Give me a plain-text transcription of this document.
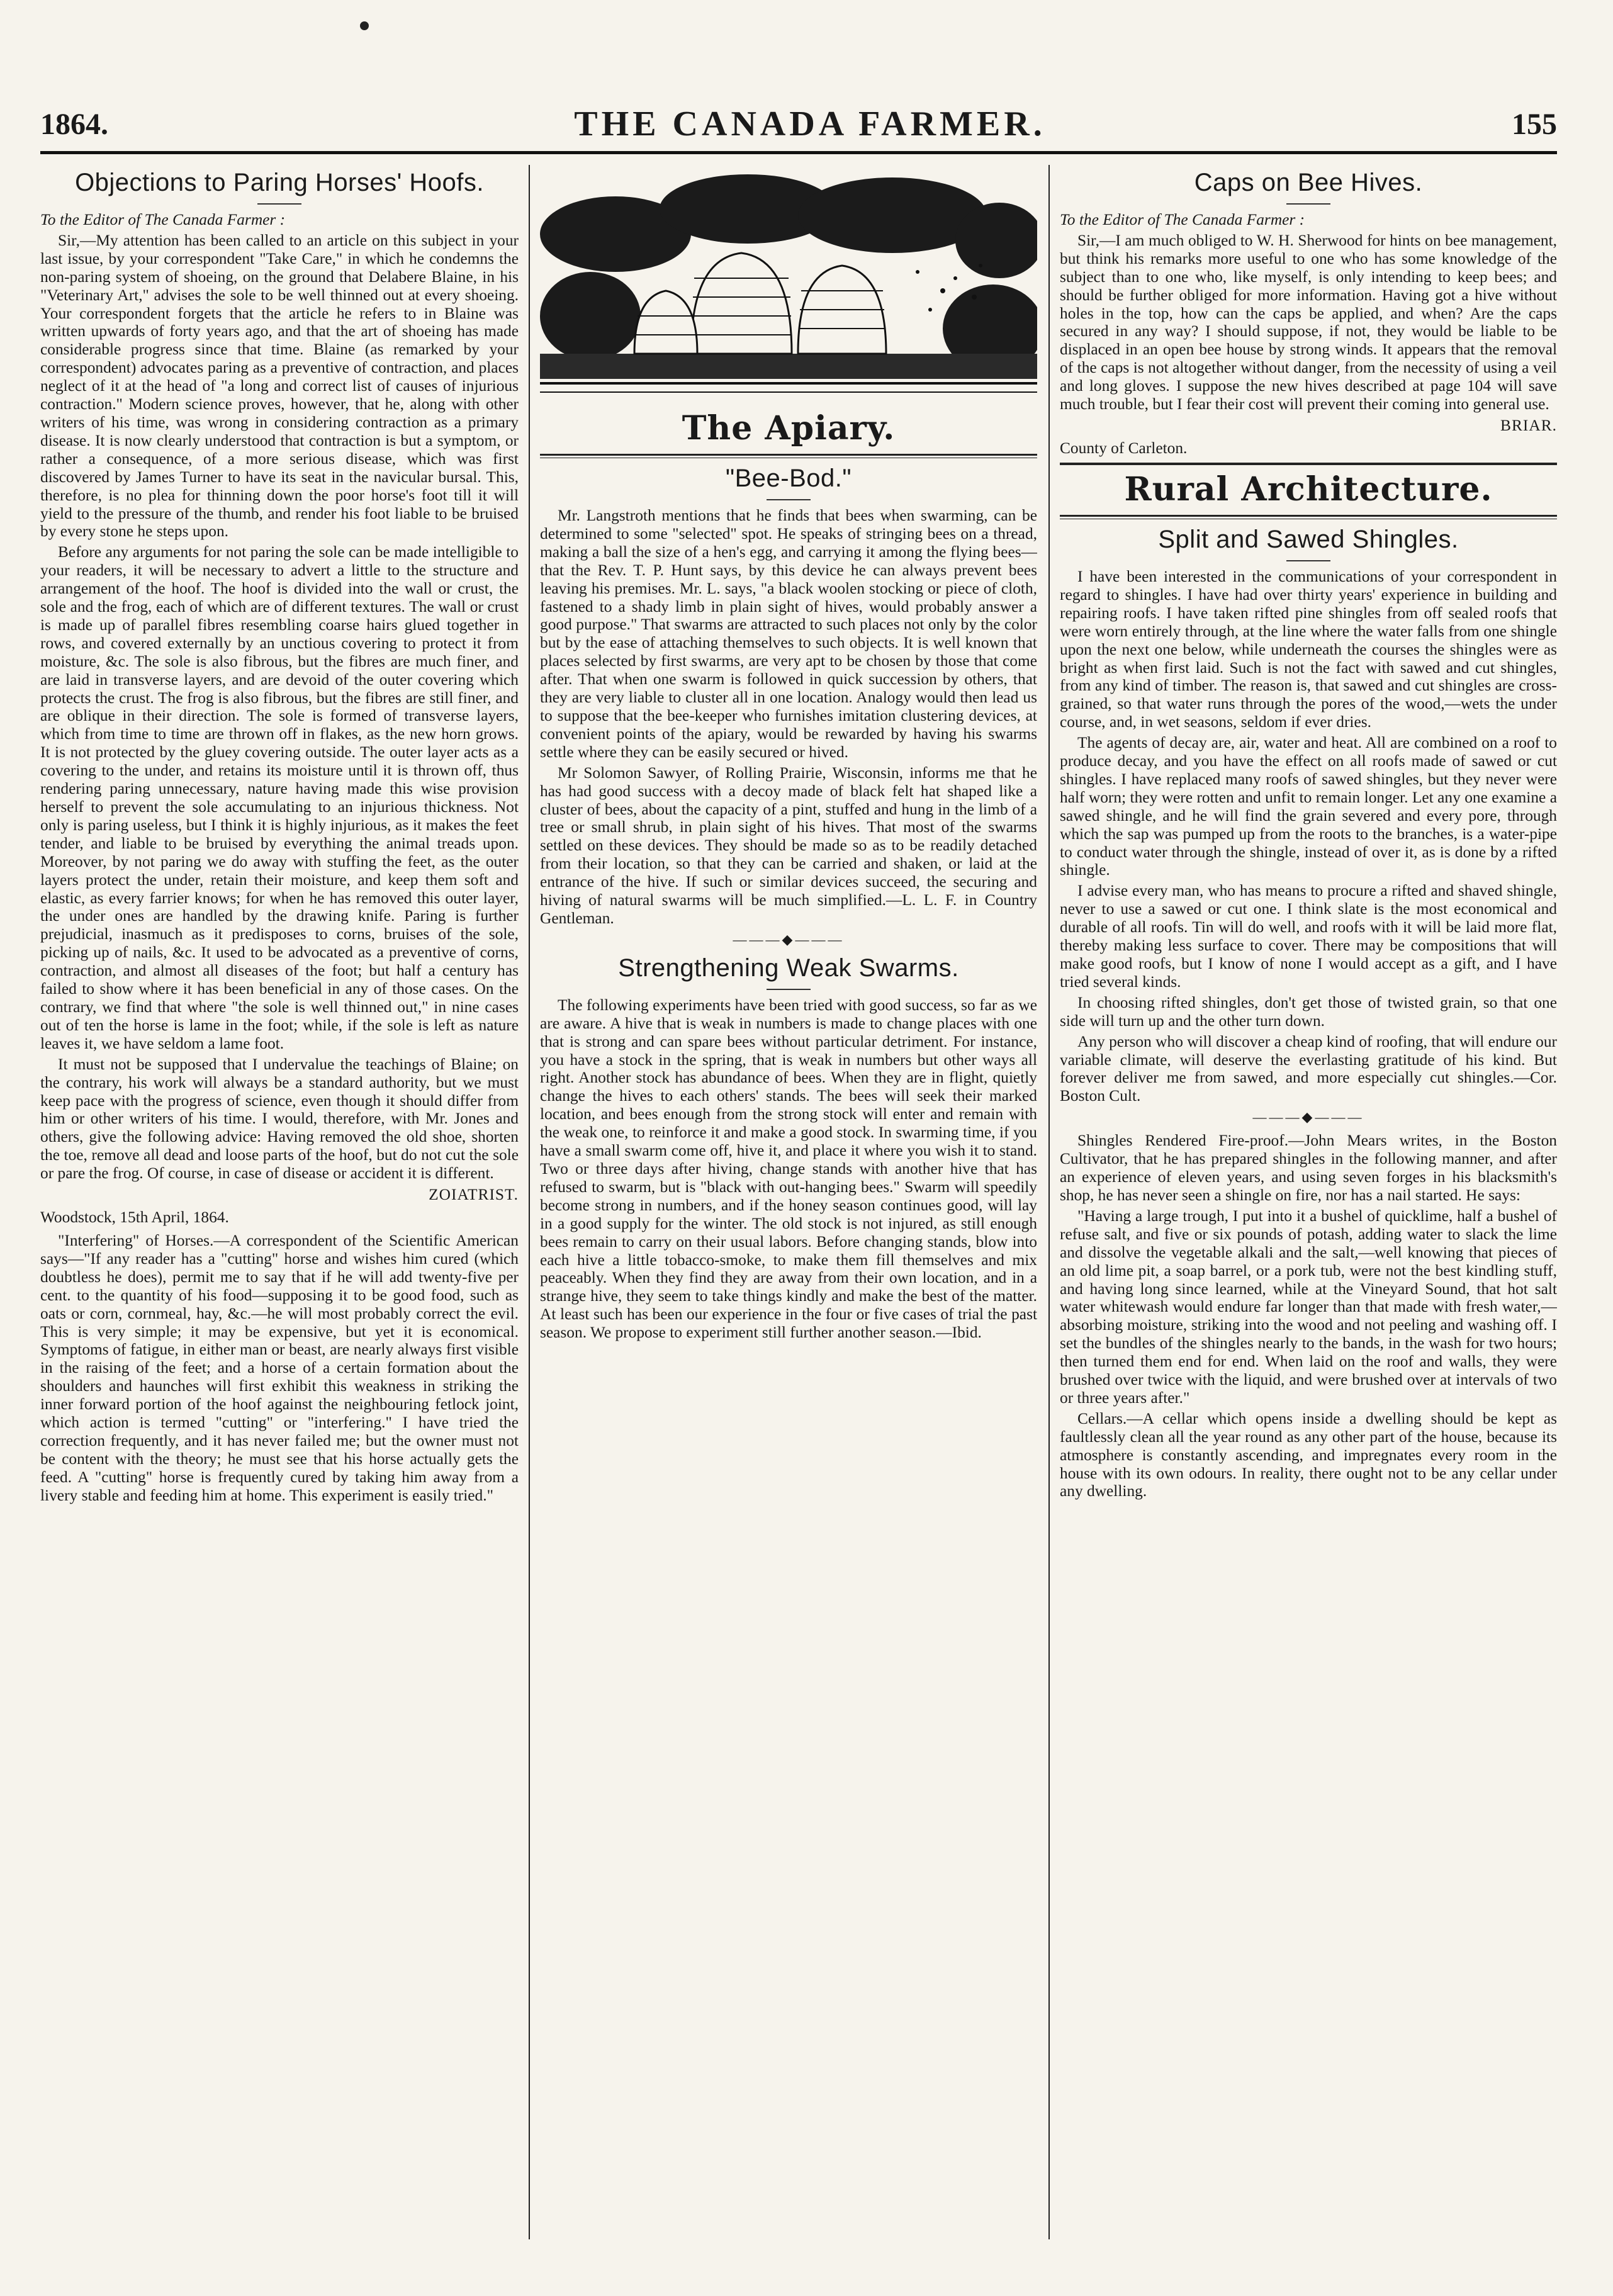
1864.	THE CANADA FARMER.	155
Objections to Paring Horses' Hoofs.

To the Editor of The Canada Farmer :

Sir,—My attention has been called to an article on this subject in your last issue, by your correspondent "Take Care," in which he condemns the non-paring system of shoeing, on the ground that Delabere Blaine, in his "Veterinary Art," advises the sole to be well thinned out at every shoeing. Your correspondent forgets that the article he refers to in Blaine was written upwards of forty years ago, and that the art of shoeing has made considerable progress since that time. Blaine (as remarked by your correspondent) advocates paring as a preventive of contraction, and places neglect of it at the head of "a long and correct list of causes of injurious contraction." Modern science proves, however, that he, along with other writers of his time, was wrong in considering contraction as a primary disease. It is now clearly understood that contraction is but a symptom, or rather a consequence, of a more serious disease, which was first discovered by James Turner to have its seat in the navicular bursal. This, therefore, is no plea for thinning down the poor horse's foot till it will yield to the pressure of the thumb, and render his foot liable to be bruised by every stone he steps upon.

Before any arguments for not paring the sole can be made intelligible to your readers, it will be necessary to advert a little to the structure and arrangement of the hoof. The hoof is divided into the wall or crust, the sole and the frog, each of which are of different textures. The wall or crust is made up of parallel fibres resembling coarse hairs glued together in rows, and covered externally by an unctious covering to protect it from moisture, &c. The sole is also fibrous, but the fibres are much finer, and are laid in transverse layers, and are devoid of the outer covering which protects the crust. The frog is also fibrous, but the fibres are still finer, and are oblique in their direction. The sole is formed of transverse layers, which from time to time are thrown off in flakes, as the new horn grows. It is not protected by the gluey covering outside. The outer layer acts as a covering to the under, and retains its moisture until it is thrown off, thus rendering paring unnecessary, nature having made this wise provision herself to prevent the sole accumulating to an injurious thickness. Not only is paring useless, but I think it is highly injurious, as it makes the feet tender, and liable to be bruised by everything the animal treads upon. Moreover, by not paring we do away with stuffing the feet, as the outer layers protect the under, retain their moisture, and keep them soft and elastic, as every farrier knows; for when he has removed this outer layer, the under ones are handled by the drawing knife. Paring is further prejudicial, inasmuch as it predisposes to corns, bruises of the sole, picking up of nails, &c. It used to be advocated as a preventive of corns, contraction, and almost all diseases of the foot; but half a century has failed to show where it has been beneficial in any of those cases. On the contrary, we find that where "the sole is well thinned out," in nine cases out of ten the horse is lame in the foot; while, if the sole is left as nature leaves it, we have seldom a lame foot.

It must not be supposed that I undervalue the teachings of Blaine; on the contrary, his work will always be a standard authority, but we must keep pace with the progress of science, even though it should differ from him or other writers of his time. I would, therefore, with Mr. Jones and others, give the following advice: Having removed the old shoe, shorten the toe, remove all dead and loose parts of the hoof, but do not cut the sole or pare the frog. Of course, in case of disease or accident it is different.

ZOIATRIST.

Woodstock, 15th April, 1864.

"Interfering" of Horses.—A correspondent of the Scientific American says—"If any reader has a "cutting" horse and wishes him cured (which doubtless he does), permit me to say that if he will add twenty-five per cent. to the quantity of his food—supposing it to be good food, such as oats or corn, cornmeal, hay, &c.—he will most probably correct the evil. This is very simple; it may be expensive, but yet it is economical. Symptoms of fatigue, in either man or beast, are nearly always first visible in the raising of the feet; and a horse of a certain formation about the shoulders and haunches will first exhibit this weakness in striking the inner forward portion of the hoof against the neighbouring fetlock joint, which action is termed "cutting" or "interfering." I have tried the correction frequently, and it has never failed me; but the owner must not be content with the theory; he must see that his horse actually gets the feed. A "cutting" horse is frequently cured by taking him away from a livery stable and feeding him at home. This experiment is easily tried."

The Apiary.
"Bee-Bod."

Mr. Langstroth mentions that he finds that bees when swarming, can be determined to some "selected" spot. He speaks of stringing bees on a thread, making a ball the size of a hen's egg, and carrying it among the flying bees—that the Rev. T. P. Hunt says, by this device he can always prevent bees leaving his premises. Mr. L. says, "a black woolen stocking or piece of cloth, fastened to a shady limb in plain sight of hives, would probably answer a good purpose." That swarms are attracted to such places not only by the color but by the ease of attaching themselves to such objects. It is well known that places selected by first swarms, are very apt to be chosen by those that come after. That when one swarm is followed in quick succession by others, that they are very liable to cluster all in one location. Analogy would then lead us to suppose that the bee-keeper who furnishes imitation clustering devices, at convenient points of the apiary, would be rewarded by having his swarms settle where they can be easily secured or hived.

Mr Solomon Sawyer, of Rolling Prairie, Wisconsin, informs me that he has had good success with a decoy made of black felt hat shaped like a cluster of bees, about the capacity of a pint, stuffed and hung in the limb of a tree or small shrub, in plain sight of his hives. That most of the swarms settled on these devices. They should be made so as to be readily detached from their location, so that they can be carried and shaken, or laid at the entrance of the hive. If such or similar devices succeed, the securing and hiving of natural swarms will be much simplified.—L. L. F. in Country Gentleman.

———◆———
Strengthening Weak Swarms.

The following experiments have been tried with good success, so far as we are aware. A hive that is weak in numbers is made to change places with one that is strong and can spare bees without particular detriment. For instance, you have a stock in the spring, that is weak in numbers but other ways all right. Another stock has abundance of bees. When they are in flight, quietly change the hives to each others' stands. The bees will seek their marked location, and bees enough from the strong stock will enter and remain with the weak one, to reinforce it and make a good stock. In swarming time, if you have a small swarm come off, hive it, and place it where you wish it to stand. Two or three days after hiving, change stands with another hive that has refused to swarm, but is "black with out-hanging bees." Swarm will speedily become strong in numbers, and if the honey season continues good, will lay in a good supply for the winter. The old stock is not injured, as still enough bees remain to carry on their usual labors. Before changing stands, blow into each hive a little tobacco-smoke, to make them fill themselves and mix peaceably. When they find they are away from their own location, and in a strange hive, they seem to take things kindly and make the best of the matter. At least such has been our experience in the four or five cases of trial the past season. We propose to experiment still further another season.—Ibid.

Caps on Bee Hives.

To the Editor of The Canada Farmer :

Sir,—I am much obliged to W. H. Sherwood for hints on bee management, but think his remarks more useful to one who has some knowledge of the subject than to one who, like myself, is only intending to keep bees; and should be further obliged for more information. Having got a hive without holes in the top, how can the caps be applied, and when? Are the caps secured in any way? I should suppose, if not, they would be liable to be displaced in an open bee house by strong winds. It appears that the removal of the caps is not altogether without danger, from the necessity of using a veil and long gloves. I suppose the new hives described at page 104 will save much trouble, but I fear their cost will prevent their coming into general use.

BRIAR.

County of Carleton.

Rural Architecture.
Split and Sawed Shingles.

I have been interested in the communications of your correspondent in regard to shingles. I have had over thirty years' experience in building and repairing roofs. I have taken rifted pine shingles from off sealed roofs that were worn entirely through, at the line where the water falls from one shingle upon the next one below, while underneath the courses the shingles were as bright as when first laid. Such is not the fact with sawed and cut shingles, from any kind of timber. The reason is, that sawed and cut shingles are cross-grained, so that water runs through the pores of the wood,—wets the under course, and, in wet seasons, seldom if ever dries.

The agents of decay are, air, water and heat. All are combined on a roof to produce decay, and you have the effect on all roofs made of sawed or cut shingles. I have replaced many roofs of sawed shingles, but they never were half worn; they were rotten and unfit to remain longer. Let any one examine a sawed shingle, and he will find the grain severed and every pore, through which the sap was pumped up from the roots to the branches, is a water-pipe to conduct water through the shingle, instead of over it, as is done by a rifted shingle.

I advise every man, who has means to procure a rifted and shaved shingle, never to use a sawed or cut one. I think slate is the most economical and durable of all roofs. Tin will do well, and roofs with it will be laid more flat, thereby making less surface to cover. There may be compositions that will make good roofs, but I know of none I would accept as a gift, and I have tried several kinds.

In choosing rifted shingles, don't get those of twisted grain, so that one side will turn up and the other turn down.

Any person who will discover a cheap kind of roofing, that will endure our variable climate, will deserve the everlasting gratitude of his kind. But forever deliver me from sawed, and more especially cut shingles.—Cor. Boston Cult.

———◆———

Shingles Rendered Fire-proof.—John Mears writes, in the Boston Cultivator, that he has prepared shingles in the following manner, and after an experience of eleven years, and using seven forges in his blacksmith's shop, he has never seen a shingle on fire, nor has a nail started. He says:

"Having a large trough, I put into it a bushel of quicklime, half a bushel of refuse salt, and five or six pounds of potash, adding water to slack the lime and dissolve the vegetable alkali and the salt,—well knowing that pieces of an old lime pit, a soap barrel, or a pork tub, were not the best kindling stuff, and having long since learned, while at the Vineyard Sound, that hot salt water whitewash would endure far longer than that made with fresh water,—absorbing moisture, striking into the wood and not peeling and washing off. I set the bundles of the shingles nearly to the bands, in the wash for two hours; then turned them end for end. When laid on the roof and walls, they were brushed over twice with the liquid, and were brushed over at intervals of two or three years after."

Cellars.—A cellar which opens inside a dwelling should be kept as faultlessly clean all the year round as any other part of the house, because its atmosphere is constantly ascending, and impregnates every room in the house with its own odours. In reality, there ought not to be any cellar under any dwelling.
